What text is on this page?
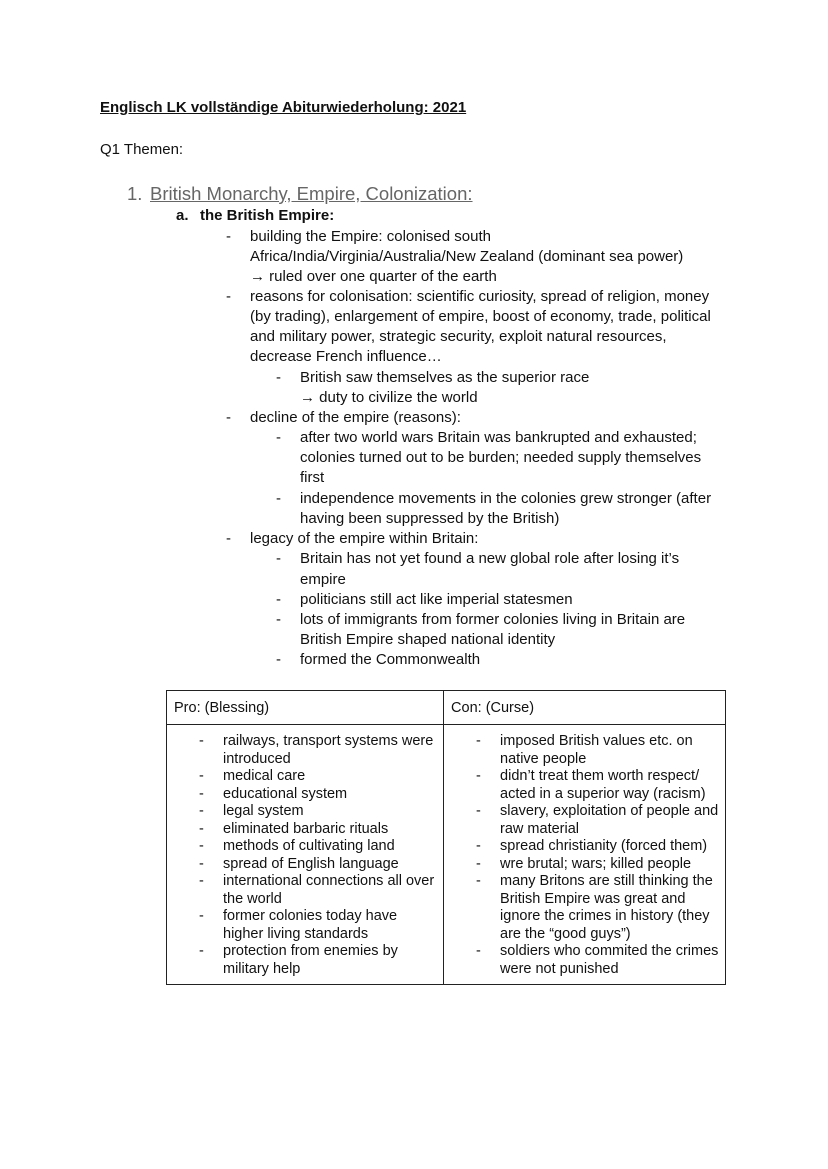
Englisch LK vollständige Abiturwiederholung: 2021
Q1 Themen:
1. British Monarchy, Empire, Colonization:
a. the British Empire:
- building the Empire: colonised south
Africa/India/Virginia/Australia/New Zealand (dominant sea power)
→ ruled over one quarter of the earth
- reasons for colonisation: scientific curiosity, spread of religion, money
(by trading), enlargement of empire, boost of economy, trade, political
and military power, strategic security, exploit natural resources,
decrease French influence…
- British saw themselves as the superior race
→ duty to civilize the world
- decline of the empire (reasons):
- after two world wars Britain was bankrupted and exhausted;
colonies turned out to be burden; needed supply themselves
first
- independence movements in the colonies grew stronger (after
having been suppressed by the British)
- legacy of the empire within Britain:
- Britain has not yet found a new global role after losing it’s
empire
- politicians still act like imperial statesmen
- lots of immigrants from former colonies living in Britain are
British Empire shaped national identity
- formed the Commonwealth
Pro: (Blessing)	Con: (Curse)

- railways, transport systems were introduced
- medical care
- educational system
- legal system
- eliminated barbaric rituals
- methods of cultivating land
- spread of English language
- international connections all over the world
- former colonies today have higher living standards
- protection from enemies by military help

- imposed British values etc. on native people
- didn’t treat them worth respect/ acted in a superior way (racism)
- slavery, exploitation of people and raw material
- spread christianity (forced them)
- wre brutal; wars; killed people
- many Britons are still thinking the British Empire was great and ignore the crimes in history (they are the “good guys”)
- soldiers who commited the crimes were not punished
